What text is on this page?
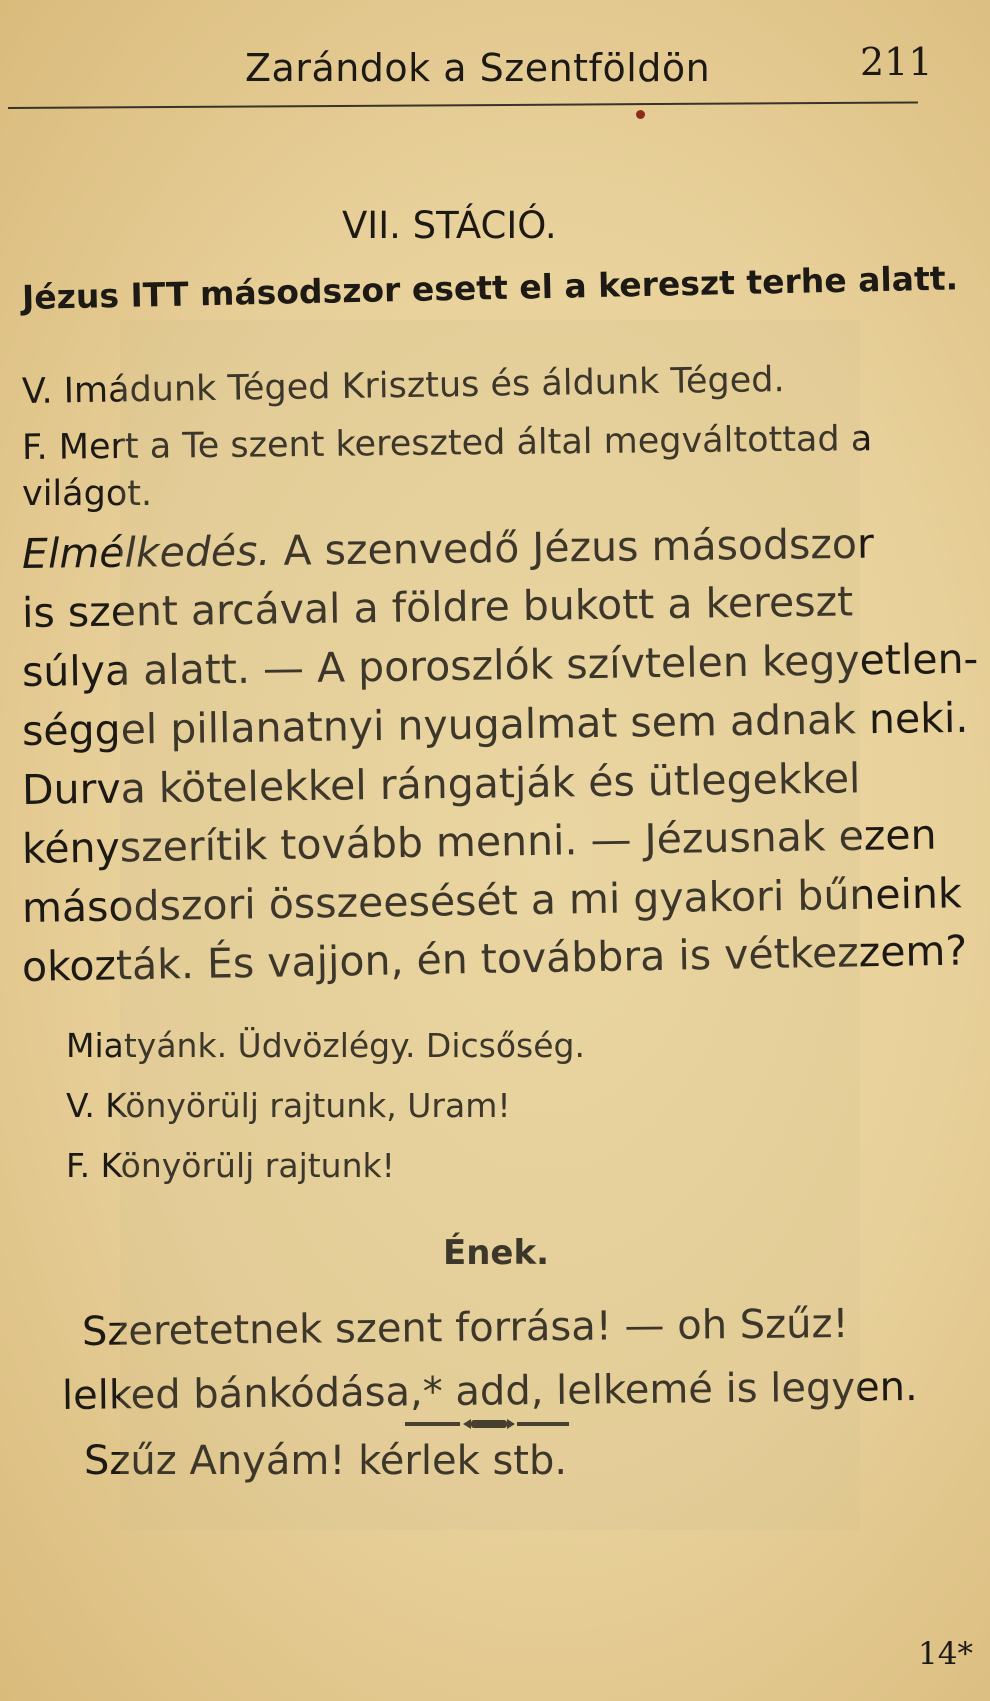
Zarándok a Szentföldön	211
VII. STÁCIÓ.
Jézus ITT másodszor esett el a kereszt terhe alatt.
V. Imádunk Téged Krisztus és áldunk Téged.
F. Mert a Te szent kereszted által megváltottad a
világot.
Elmélkedés. A szenvedő Jézus másodszor
is szent arcával a földre bukott a kereszt
súlya alatt. — A poroszlók szívtelen kegyetlen-
séggel pillanatnyi nyugalmat sem adnak neki.
Durva kötelekkel rángatják és ütlegekkel
kényszerítik tovább menni. — Jézusnak ezen
másodszori összeesését a mi gyakori bűneink
okozták. És vajjon, én továbbra is vétkezzem?
Miatyánk. Üdvözlégy. Dicsőség.
V. Könyörülj rajtunk, Uram!
F. Könyörülj rajtunk!
Ének.
Szeretetnek szent forrása! — oh Szűz!
lelked bánkódása,* add, lelkemé is legyen.
Szűz Anyám! kérlek stb.
14*
